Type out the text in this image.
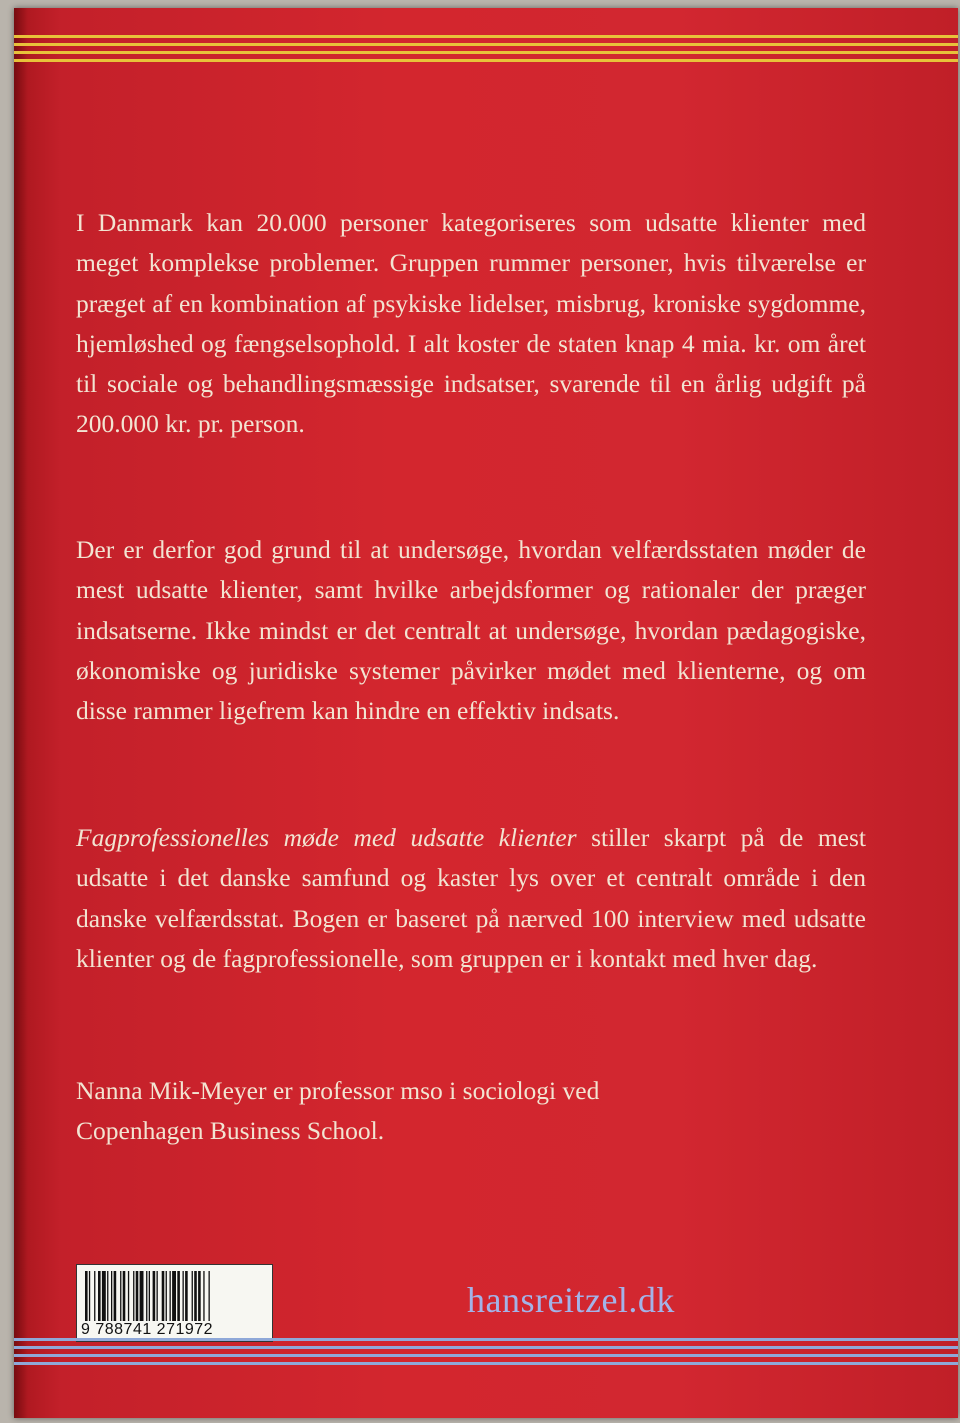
I Danmark kan 20.000 personer kategoriseres som udsatte klienter med meget komplekse problemer. Gruppen rummer personer, hvis tilværelse er præget af en kombination af psykiske lidelser, misbrug, kroniske sygdomme, hjemløshed og fængselsophold. I alt koster de staten knap 4 mia. kr. om året til sociale og behandlingsmæssige indsatser, svarende til en årlig udgift på 200.000 kr. pr. person.

Der er derfor god grund til at undersøge, hvordan velfærdsstaten møder de mest udsatte klienter, samt hvilke arbejdsformer og rationaler der præger indsatserne. Ikke mindst er det centralt at undersøge, hvordan pædagogiske, økonomiske og juridiske systemer påvirker mødet med klienterne, og om disse rammer ligefrem kan hindre en effektiv indsats.

Fagprofessionelles møde med udsatte klienter stiller skarpt på de mest udsatte i det danske samfund og kaster lys over et centralt område i den danske velfærdsstat. Bogen er baseret på nærved 100 interview med udsatte klienter og de fagprofessionelle, som gruppen er i kontakt med hver dag.

Nanna Mik-Meyer er professor mso i sociologi ved
Copenhagen Business School.

9 788741 271972
hansreitzel.dk
